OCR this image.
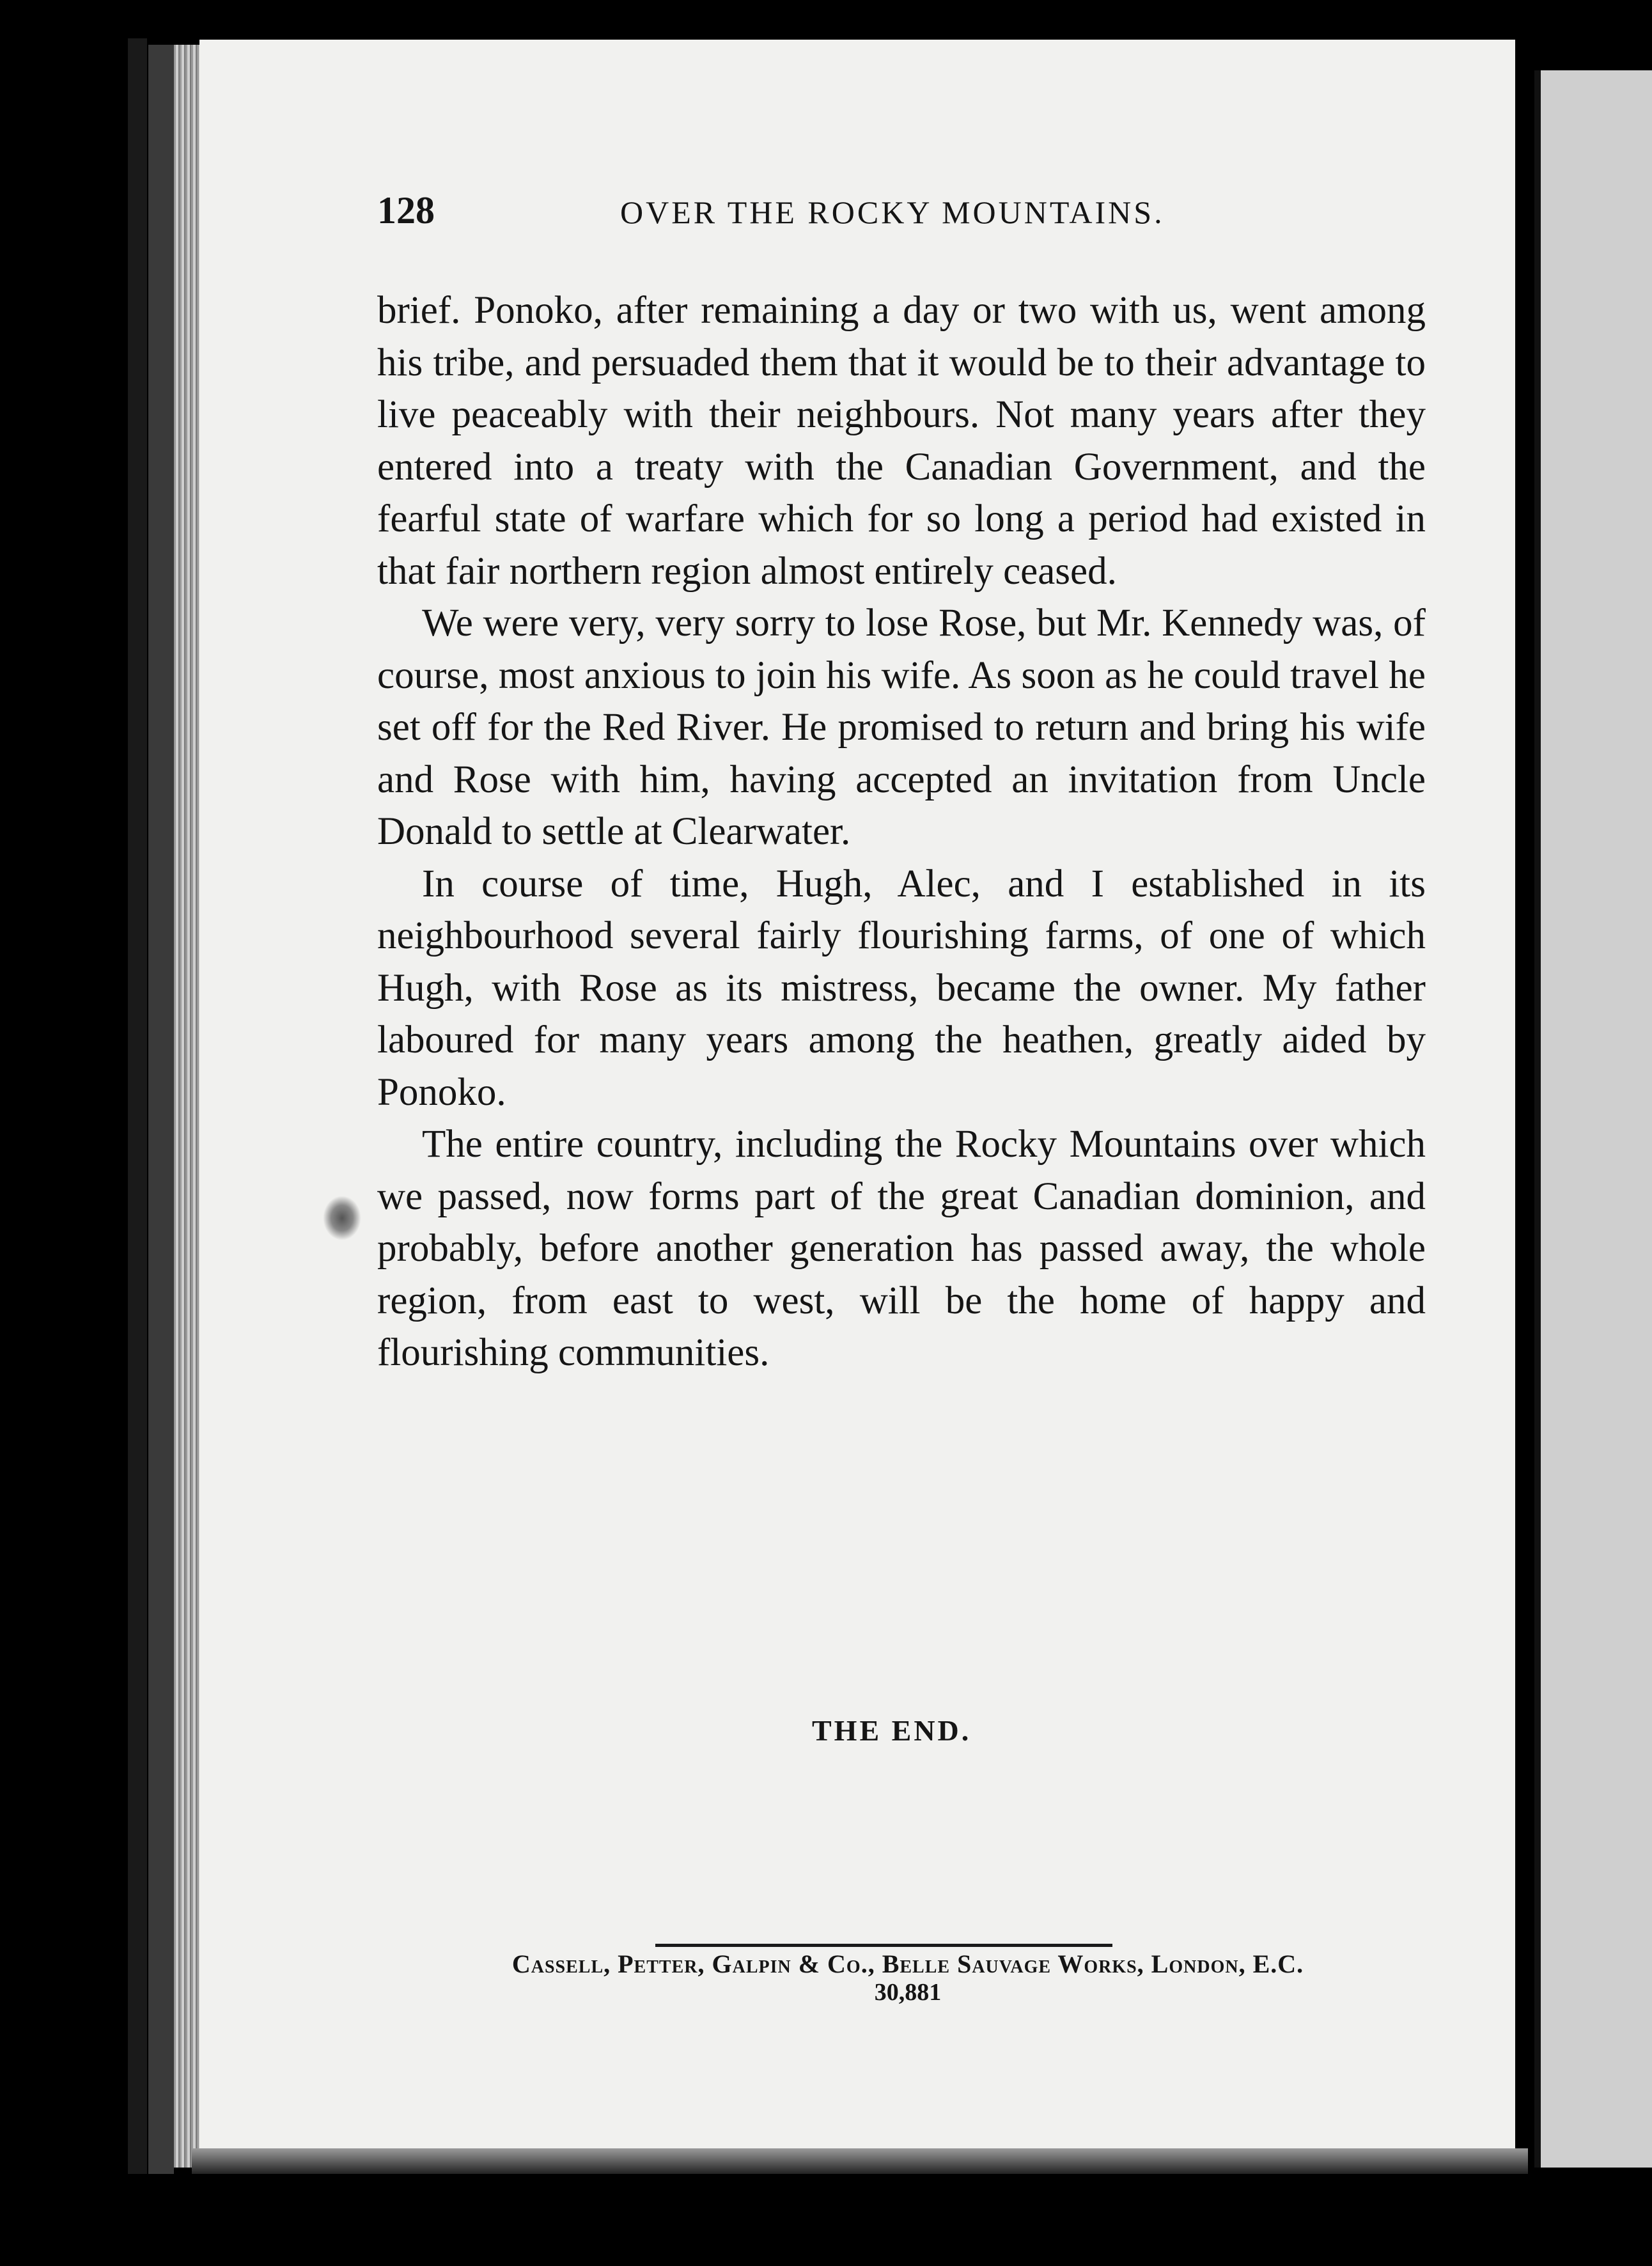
128	OVER THE ROCKY MOUNTAINS.

brief. Ponoko, after remaining a day or two with us, went among his tribe, and persuaded them that it would be to their advantage to live peaceably with their neighbours. Not many years after they entered into a treaty with the Canadian Government, and the fearful state of warfare which for so long a period had existed in that fair northern region almost entirely ceased.

We were very, very sorry to lose Rose, but Mr. Kennedy was, of course, most anxious to join his wife. As soon as he could travel he set off for the Red River. He promised to return and bring his wife and Rose with him, having accepted an invitation from Uncle Donald to settle at Clearwater.

In course of time, Hugh, Alec, and I established in its neighbourhood several fairly flourishing farms, of one of which Hugh, with Rose as its mistress, became the owner. My father laboured for many years among the heathen, greatly aided by Ponoko.

The entire country, including the Rocky Mountains over which we passed, now forms part of the great Canadian dominion, and probably, before another generation has passed away, the whole region, from east to west, will be the home of happy and flourishing communities.

THE END.
Cassell, Petter, Galpin & Co., Belle Sauvage Works, London, E.C.
30,881
